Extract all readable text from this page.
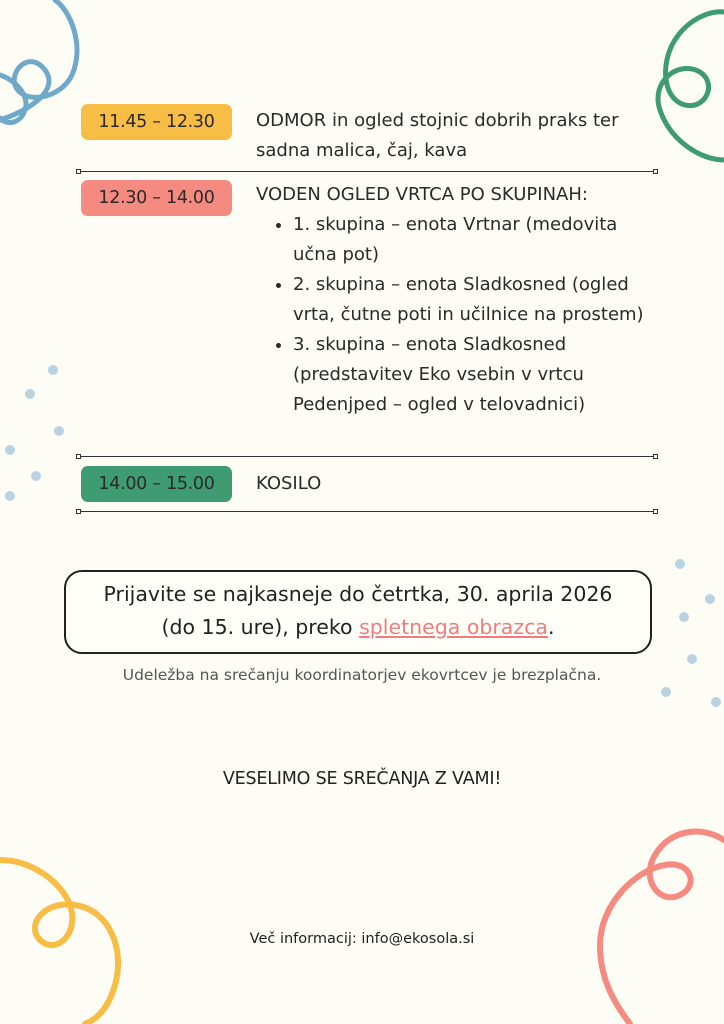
11.45 – 12.30	ODMOR in ogled stojnic dobrih praks ter sadna malica, čaj, kava
12.30 – 14.00	VODEN OGLED VRTCA PO SKUPINAH:
• 1. skupina – enota Vrtnar (medovita učna pot)
• 2. skupina – enota Sladkosned (ogled vrta, čutne poti in učilnice na prostem)
• 3. skupina – enota Sladkosned (predstavitev Eko vsebin v vrtcu Pedenjped – ogled v telovadnici)
14.00 – 15.00	KOSILO
Prijavite se najkasneje do četrtka, 30. aprila 2026
(do 15. ure), preko spletnega obrazca.
Udeležba na srečanju koordinatorjev ekovrtcev je brezplačna.
VESELIMO SE SREČANJA Z VAMI!
Več informacij: info@ekosola.si
